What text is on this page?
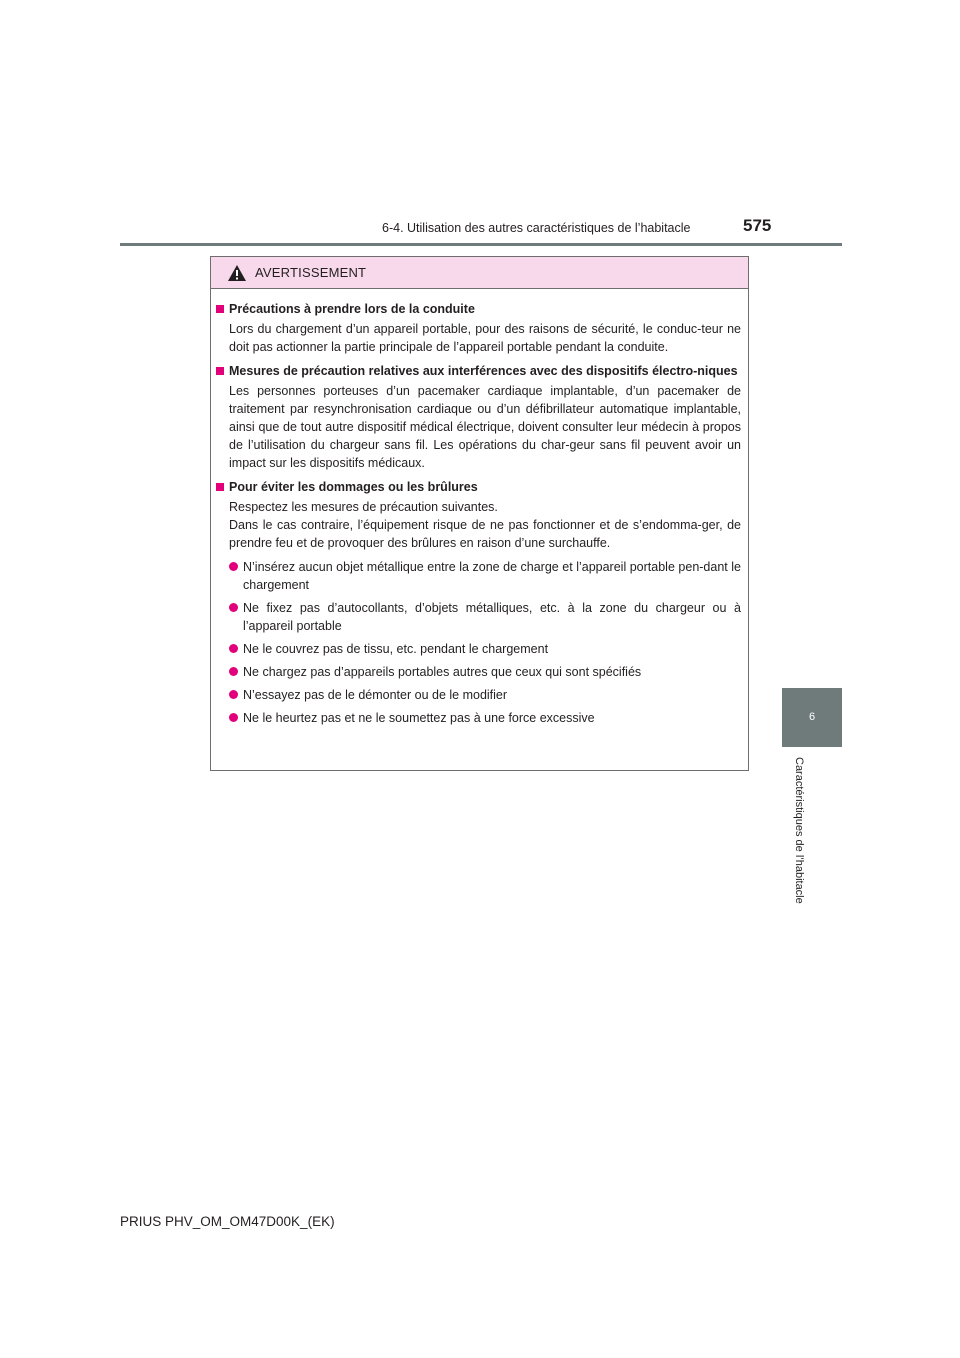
6-4. Utilisation des autres caractéristiques de l’habitacle	575
6
Caractéristiques de l’habitacle
AVERTISSEMENT
Précautions à prendre lors de la conduite
Lors du chargement d’un appareil portable, pour des raisons de sécurité, le conduc-teur ne doit pas actionner la partie principale de l’appareil portable pendant la conduite.
Mesures de précaution relatives aux interférences avec des dispositifs électro-niques
Les personnes porteuses d’un pacemaker cardiaque implantable, d’un pacemaker de traitement par resynchronisation cardiaque ou d’un défibrillateur automatique implantable, ainsi que de tout autre dispositif médical électrique, doivent consulter leur médecin à propos de l’utilisation du chargeur sans fil. Les opérations du char-geur sans fil peuvent avoir un impact sur les dispositifs médicaux.
Pour éviter les dommages ou les brûlures
Respectez les mesures de précaution suivantes.
Dans le cas contraire, l’équipement risque de ne pas fonctionner et de s’endomma-ger, de prendre feu et de provoquer des brûlures en raison d’une surchauffe.
N’insérez aucun objet métallique entre la zone de charge et l’appareil portable pen-dant le chargement
Ne fixez pas d’autocollants, d’objets métalliques, etc. à la zone du chargeur ou à l’appareil portable
Ne le couvrez pas de tissu, etc. pendant le chargement
Ne chargez pas d’appareils portables autres que ceux qui sont spécifiés
N’essayez pas de le démonter ou de le modifier
Ne le heurtez pas et ne le soumettez pas à une force excessive
PRIUS PHV_OM_OM47D00K_(EK)
